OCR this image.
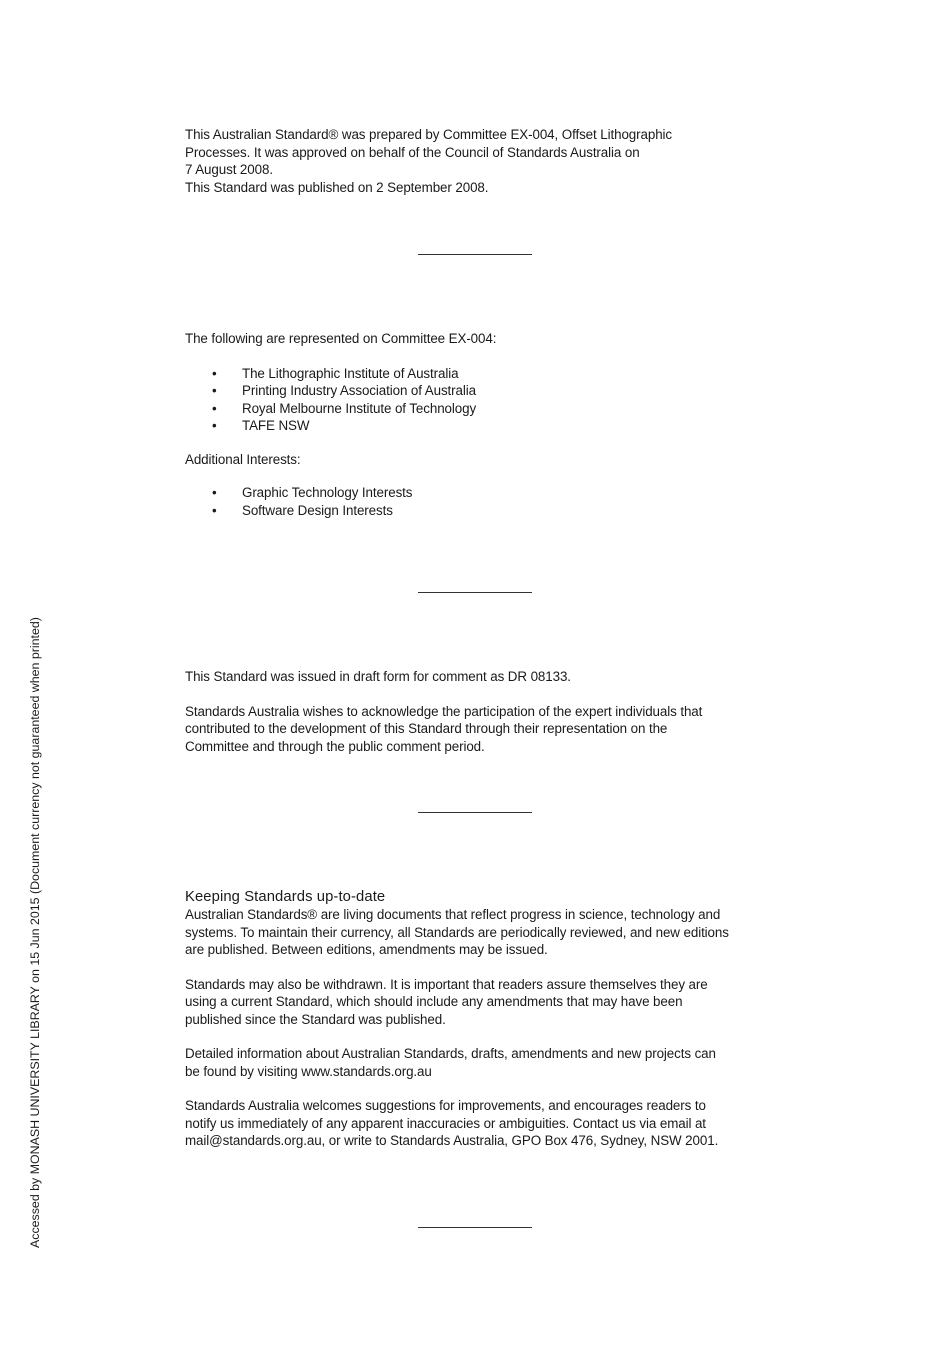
This Australian Standard® was prepared by Committee EX-004, Offset Lithographic

Processes. It was approved on behalf of the Council of Standards Australia on

7 August 2008.

This Standard was published on 2 September 2008.

The following are represented on Committee EX-004:

• The Lithographic Institute of Australia
• Printing Industry Association of Australia
• Royal Melbourne Institute of Technology
• TAFE NSW

Additional Interests:

• Graphic Technology Interests
• Software Design Interests

This Standard was issued in draft form for comment as DR 08133.

Standards Australia wishes to acknowledge the participation of the expert individuals that

contributed to the development of this Standard through their representation on the

Committee and through the public comment period.

Keeping Standards up-to-date

Australian Standards® are living documents that reflect progress in science, technology and

systems. To maintain their currency, all Standards are periodically reviewed, and new editions

are published. Between editions, amendments may be issued.

Standards may also be withdrawn. It is important that readers assure themselves they are

using a current Standard, which should include any amendments that may have been

published since the Standard was published.

Detailed information about Australian Standards, drafts, amendments and new projects can

be found by visiting www.standards.org.au

Standards Australia welcomes suggestions for improvements, and encourages readers to

notify us immediately of any apparent inaccuracies or ambiguities. Contact us via email at

mail@standards.org.au, or write to Standards Australia, GPO Box 476, Sydney, NSW 2001.

Accessed by MONASH UNIVERSITY LIBRARY on 15 Jun 2015 (Document currency not guaranteed when printed)
